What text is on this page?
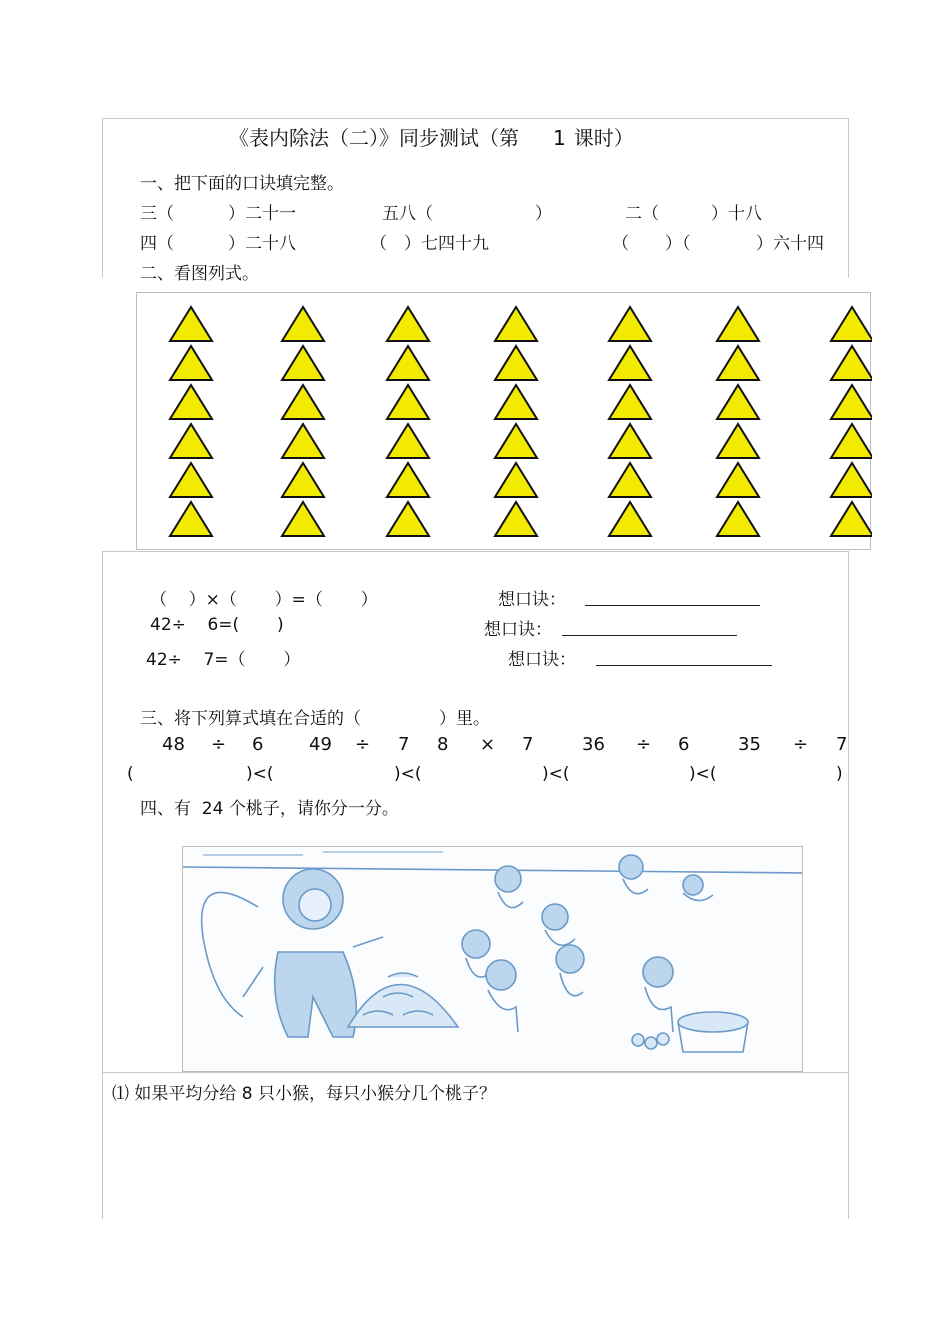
《表内除法（二）》同步测试（第 1 课时）
一、把下面的口诀填完整。
三（	）二十一	五八（	）	二（	）十八
四（	）二十八	（ ）七四十九	（ ）（	）六十四
二、看图列式。
（    ）×（       ）=（       ）	想口诀：
42÷    6=(       )	想口诀：
42÷    7=（       ）	想口诀：
三、将下列算式填在合适的（	）里。
48 ÷ 6	49 ÷ 7 8 × 7	36 ÷ 6	35 ÷ 7
(	)<(	)<(	)<(	)<(	)
四、有  24 个桃子，请你分一分。
⑴ 如果平均分给 8 只小猴，每只小猴分几个桃子？
